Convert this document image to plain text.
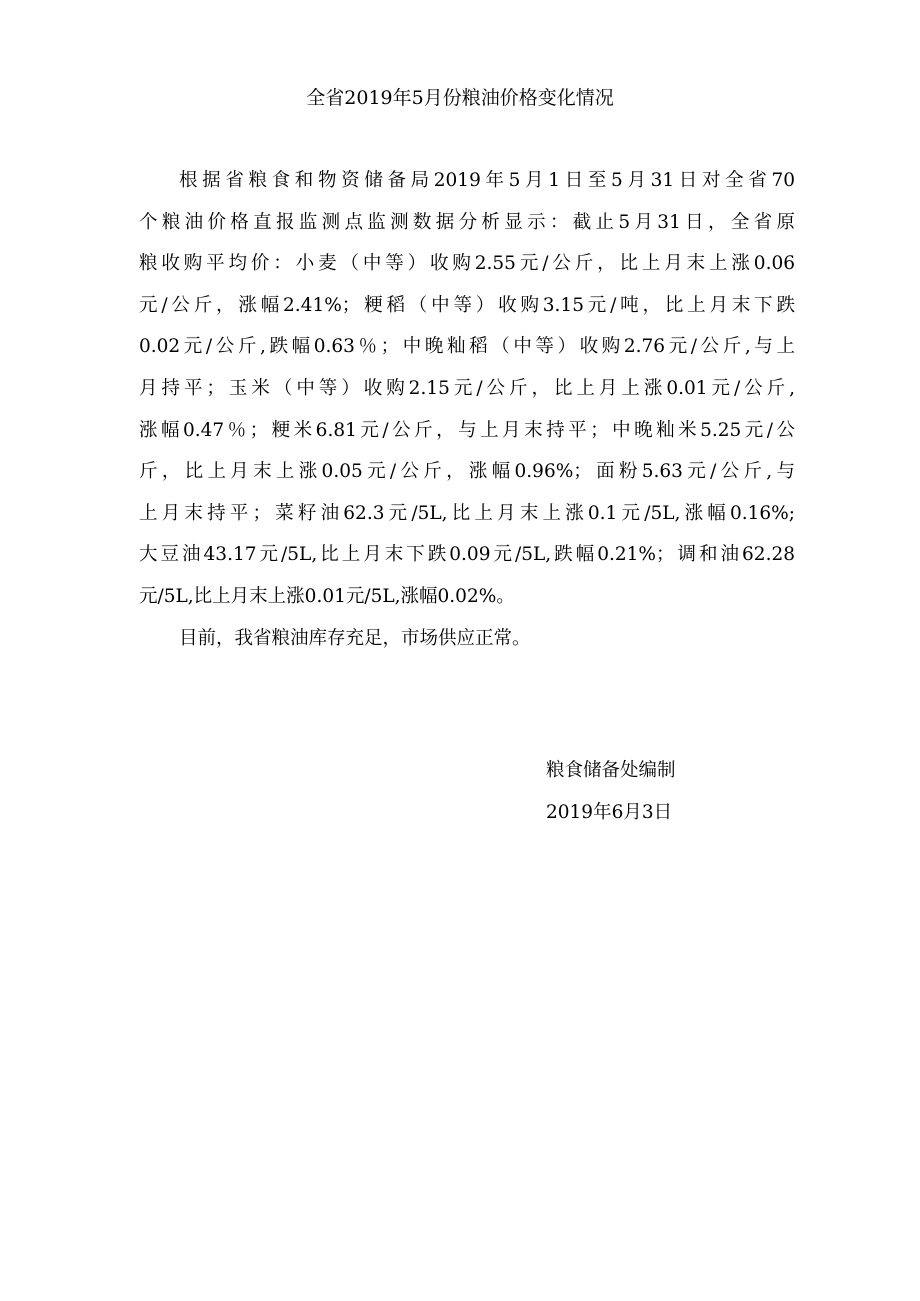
全省2019年5月份粮油价格变化情况
根据省粮食和物资储备局2019年5月1日至5月31日对全省70
个粮油价格直报监测点监测数据分析显示：截止5月31日，全省原
粮收购平均价：小麦（中等）收购2.55元/公斤，比上月末上涨0.06
元/公斤，涨幅2.41%；粳稻（中等）收购3.15元/吨，比上月末下跌
0.02元/公斤,跌幅0.63％；中晚籼稻（中等）收购2.76元/公斤,与上
月持平；玉米（中等）收购2.15元/公斤，比上月上涨0.01元/公斤,
涨幅0.47％；粳米6.81元/公斤，与上月末持平；中晚籼米5.25元/公
斤，比上月末上涨0.05元/公斤，涨幅0.96%；面粉5.63元/公斤,与
上月末持平；菜籽油62.3元/5L,比上月末上涨0.1元/5L,涨幅0.16%;
大豆油43.17元/5L,比上月末下跌0.09元/5L,跌幅0.21%；调和油62.28
元/5L,比上月末上涨0.01元/5L,涨幅0.02%。
目前，我省粮油库存充足，市场供应正常。
粮食储备处编制
2019年6月3日
